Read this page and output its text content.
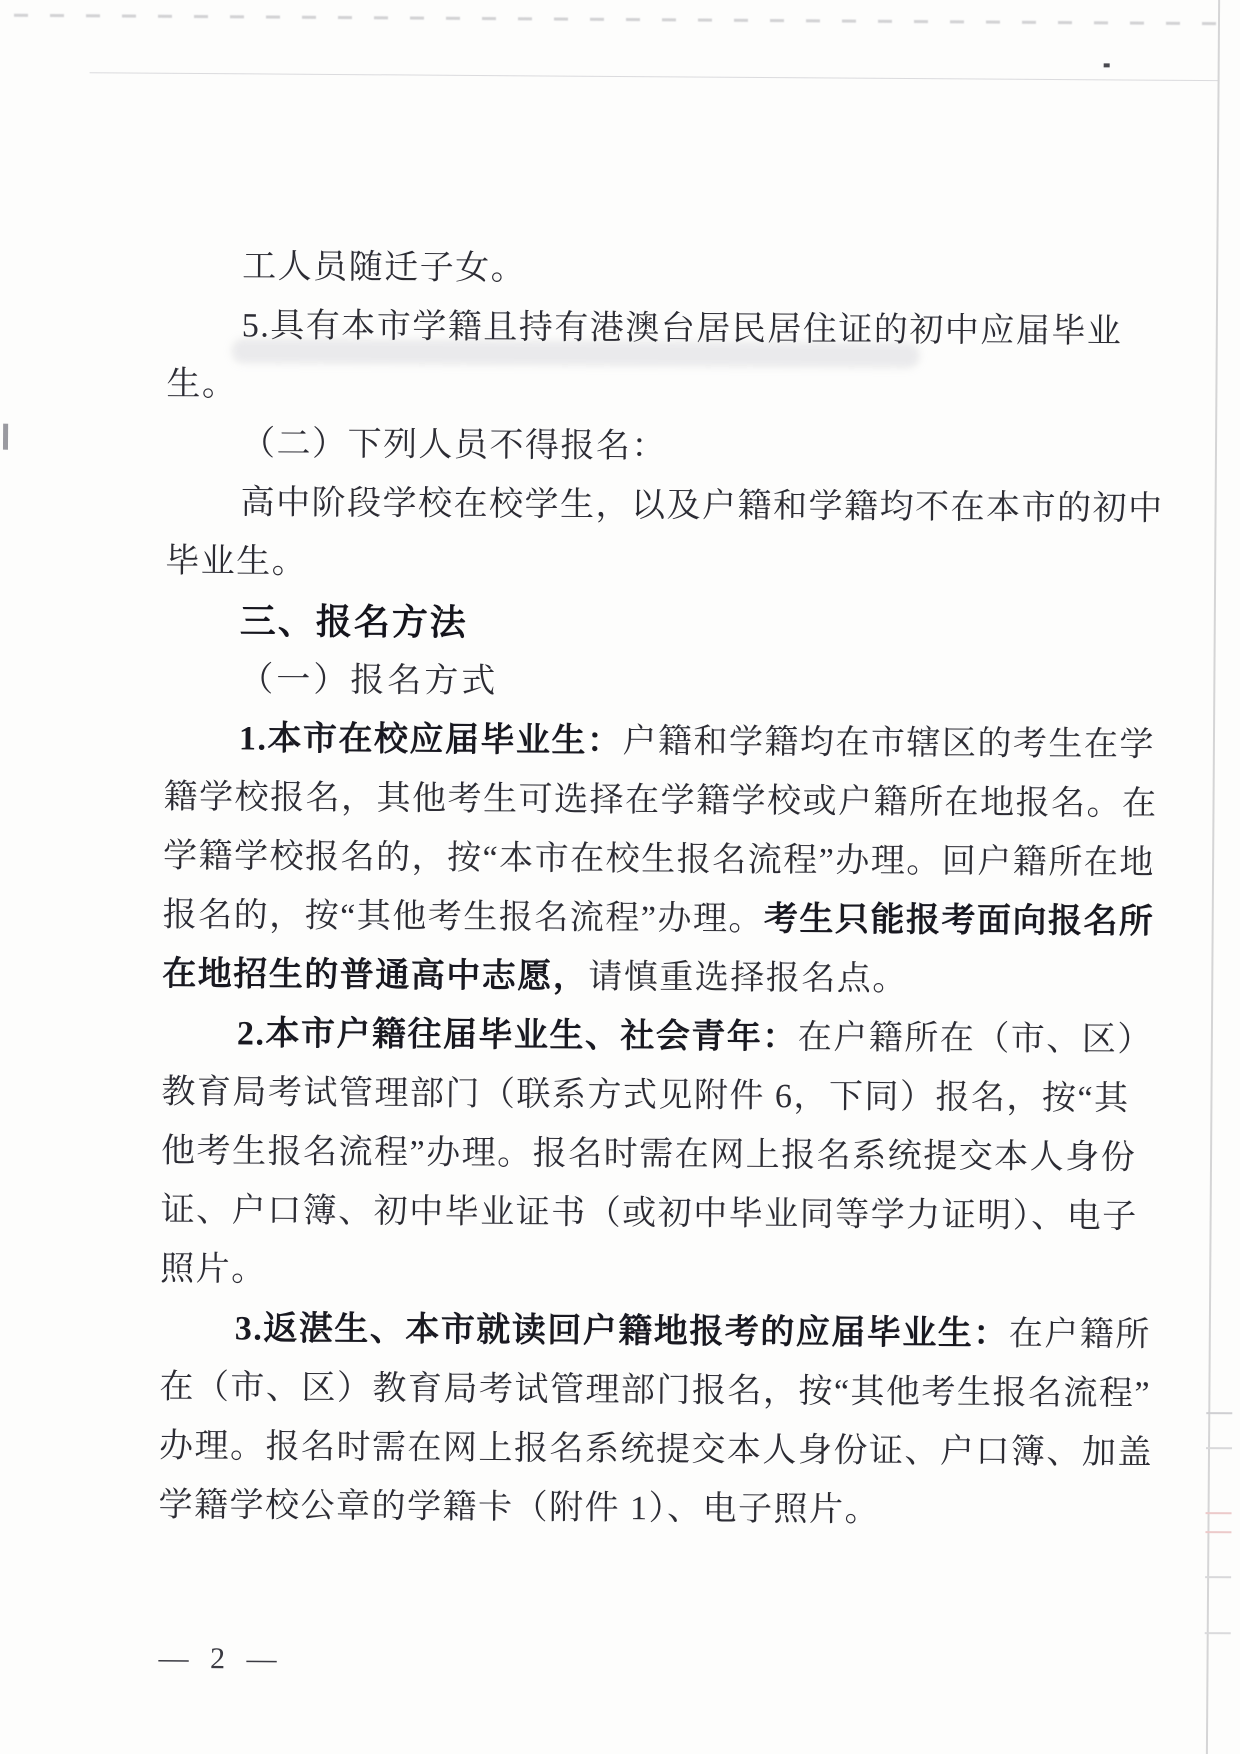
工人员随迁子女。
5.具有本市学籍且持有港澳台居民居住证的初中应届毕业
生。
（二）下列人员不得报名：
高中阶段学校在校学生，以及户籍和学籍均不在本市的初中
毕业生。
三、报名方法
（一）报名方式
1.本市在校应届毕业生：户籍和学籍均在市辖区的考生在学
籍学校报名，其他考生可选择在学籍学校或户籍所在地报名。在
学籍学校报名的，按“本市在校生报名流程”办理。回户籍所在地
报名的，按“其他考生报名流程”办理。考生只能报考面向报名所
在地招生的普通高中志愿，请慎重选择报名点。
2.本市户籍往届毕业生、社会青年：在户籍所在（市、区）
教育局考试管理部门（联系方式见附件 6，下同）报名，按“其
他考生报名流程”办理。报名时需在网上报名系统提交本人身份
证、户口簿、初中毕业证书（或初中毕业同等学力证明）、电子
照片。
3.返湛生、本市就读回户籍地报考的应届毕业生：在户籍所
在（市、区）教育局考试管理部门报名，按“其他考生报名流程”
办理。报名时需在网上报名系统提交本人身份证、户口簿、加盖
学籍学校公章的学籍卡（附件 1）、电子照片。
— 2 —
